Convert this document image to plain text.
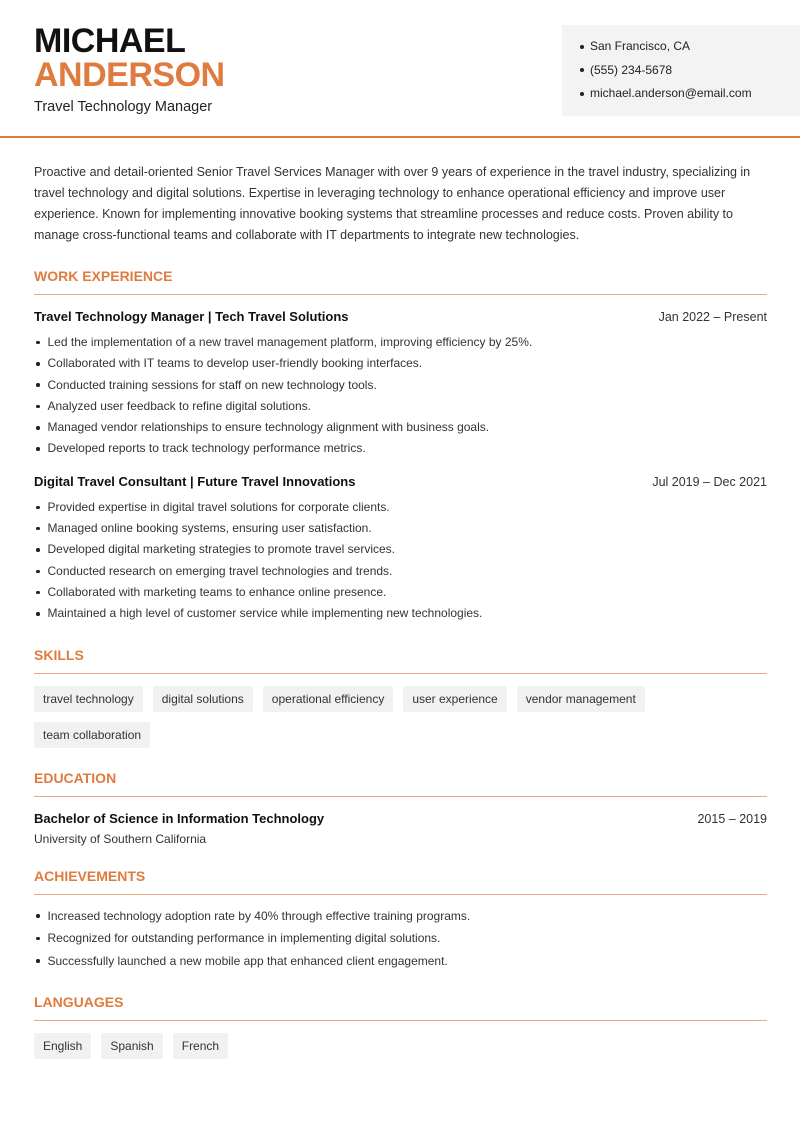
MICHAEL
ANDERSON
Travel Technology Manager
San Francisco, CA
(555) 234-5678
michael.anderson@email.com

Proactive and detail-oriented Senior Travel Services Manager with over 9 years of experience in the travel industry, specializing in travel technology and digital solutions. Expertise in leveraging technology to enhance operational efficiency and improve user experience. Known for implementing innovative booking systems that streamline processes and reduce costs. Proven ability to manage cross-functional teams and collaborate with IT departments to integrate new technologies.

WORK EXPERIENCE
Travel Technology Manager | Tech Travel Solutions	Jan 2022 – Present
Led the implementation of a new travel management platform, improving efficiency by 25%.
Collaborated with IT teams to develop user-friendly booking interfaces.
Conducted training sessions for staff on new technology tools.
Analyzed user feedback to refine digital solutions.
Managed vendor relationships to ensure technology alignment with business goals.
Developed reports to track technology performance metrics.
Digital Travel Consultant | Future Travel Innovations	Jul 2019 – Dec 2021
Provided expertise in digital travel solutions for corporate clients.
Managed online booking systems, ensuring user satisfaction.
Developed digital marketing strategies to promote travel services.
Conducted research on emerging travel technologies and trends.
Collaborated with marketing teams to enhance online presence.
Maintained a high level of customer service while implementing new technologies.
SKILLS
travel technology	digital solutions	operational efficiency	user experience	vendor management
team collaboration
EDUCATION
Bachelor of Science in Information Technology	2015 – 2019
University of Southern California
ACHIEVEMENTS
Increased technology adoption rate by 40% through effective training programs.
Recognized for outstanding performance in implementing digital solutions.
Successfully launched a new mobile app that enhanced client engagement.
LANGUAGES
English	Spanish	French
